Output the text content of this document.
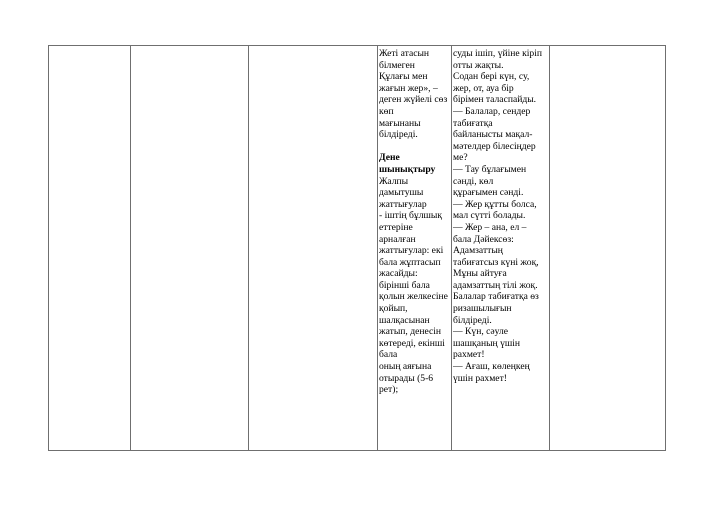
Жеті атасын
білмеген
Құлағы мен
жағын жер», –
деген жүйелі сөз
көп
мағынаны
білдіреді.
Дене
шынықтыру
Жалпы
дамытушы
жаттығулар
- іштің бұлшық
еттеріне
арналған
жаттығулар: екі
бала жұптасып
жасайды:
бірінші бала
қолын желкесіне
қойып,
шалқасынан
жатып, денесін
көтереді, екінші
бала
оның аяғына
отырады (5-6
рет);

суды ішіп, үйіне кіріп
отты жақты.
Содан бері күн, су,
жер, от, ауа бір
бірімен таласпайды.
— Балалар, сендер
табиғатқа
байланысты мақал-
мәтелдер білесіңдер
ме?
— Тау бұлағымен
сәнді, көл
құрағымен сәнді.
— Жер құтты болса,
мал сүтті болады.
— Жер – ана, ел –
бала Дәйексөз:
Адамзаттың
табиғатсыз күні жоқ,
Мұны айтуға
адамзаттың тілі жоқ.
Балалар табиғатқа өз
ризашылығын
білдіреді.
— Күн, сәуле
шашқаның үшін
рахмет!
— Ағаш, көлеңкең
үшін рахмет!
